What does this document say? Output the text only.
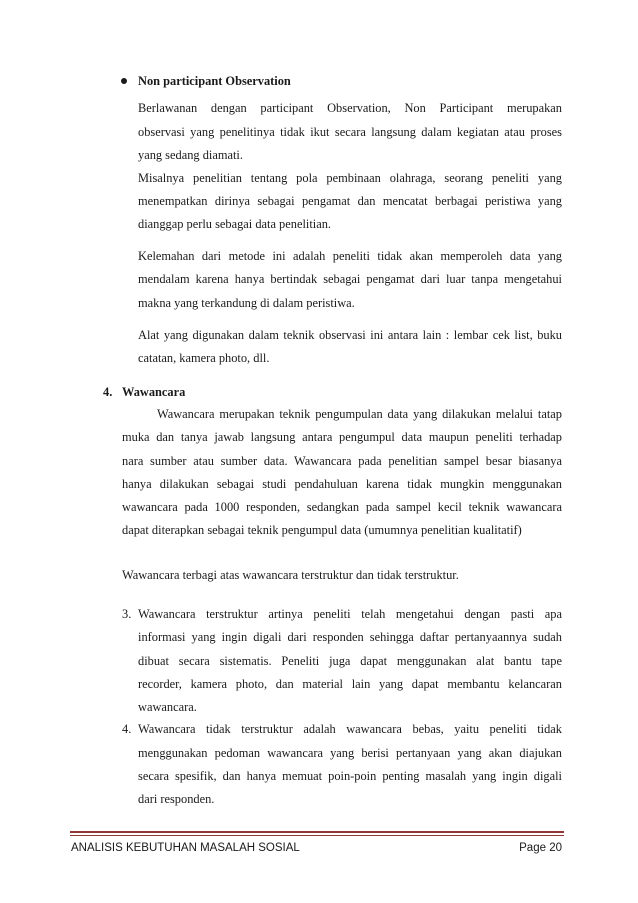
Non participant Observation
Berlawanan dengan participant Observation, Non Participant merupakan
observasi yang penelitinya tidak ikut secara langsung dalam kegiatan atau proses
yang sedang diamati.
Misalnya penelitian tentang pola pembinaan olahraga, seorang peneliti yang
menempatkan dirinya sebagai pengamat dan mencatat berbagai peristiwa yang
dianggap perlu sebagai data penelitian.
Kelemahan dari metode ini adalah peneliti tidak akan memperoleh data yang
mendalam karena hanya bertindak sebagai pengamat dari luar tanpa mengetahui
makna yang terkandung di dalam peristiwa.
Alat yang digunakan dalam teknik observasi ini antara lain : lembar cek list, buku
catatan, kamera photo, dll.
4. Wawancara
Wawancara merupakan teknik pengumpulan data yang dilakukan melalui tatap
muka dan tanya jawab langsung antara pengumpul data maupun peneliti terhadap
nara sumber atau sumber data. Wawancara pada penelitian sampel besar biasanya
hanya dilakukan sebagai studi pendahuluan karena tidak mungkin menggunakan
wawancara pada 1000 responden, sedangkan pada sampel kecil teknik wawancara
dapat diterapkan sebagai teknik pengumpul data (umumnya penelitian kualitatif)
Wawancara terbagi atas wawancara terstruktur dan tidak terstruktur.
3. Wawancara terstruktur artinya peneliti telah mengetahui dengan pasti apa
informasi yang ingin digali dari responden sehingga daftar pertanyaannya sudah
dibuat secara sistematis. Peneliti juga dapat menggunakan alat bantu tape
recorder, kamera photo, dan material lain yang dapat membantu kelancaran
wawancara.
4. Wawancara tidak terstruktur adalah wawancara bebas, yaitu peneliti tidak
menggunakan pedoman wawancara yang berisi pertanyaan yang akan diajukan
secara spesifik, dan hanya memuat poin-poin penting masalah yang ingin digali
dari responden.
ANALISIS KEBUTUHAN MASALAH SOSIAL	Page 20
